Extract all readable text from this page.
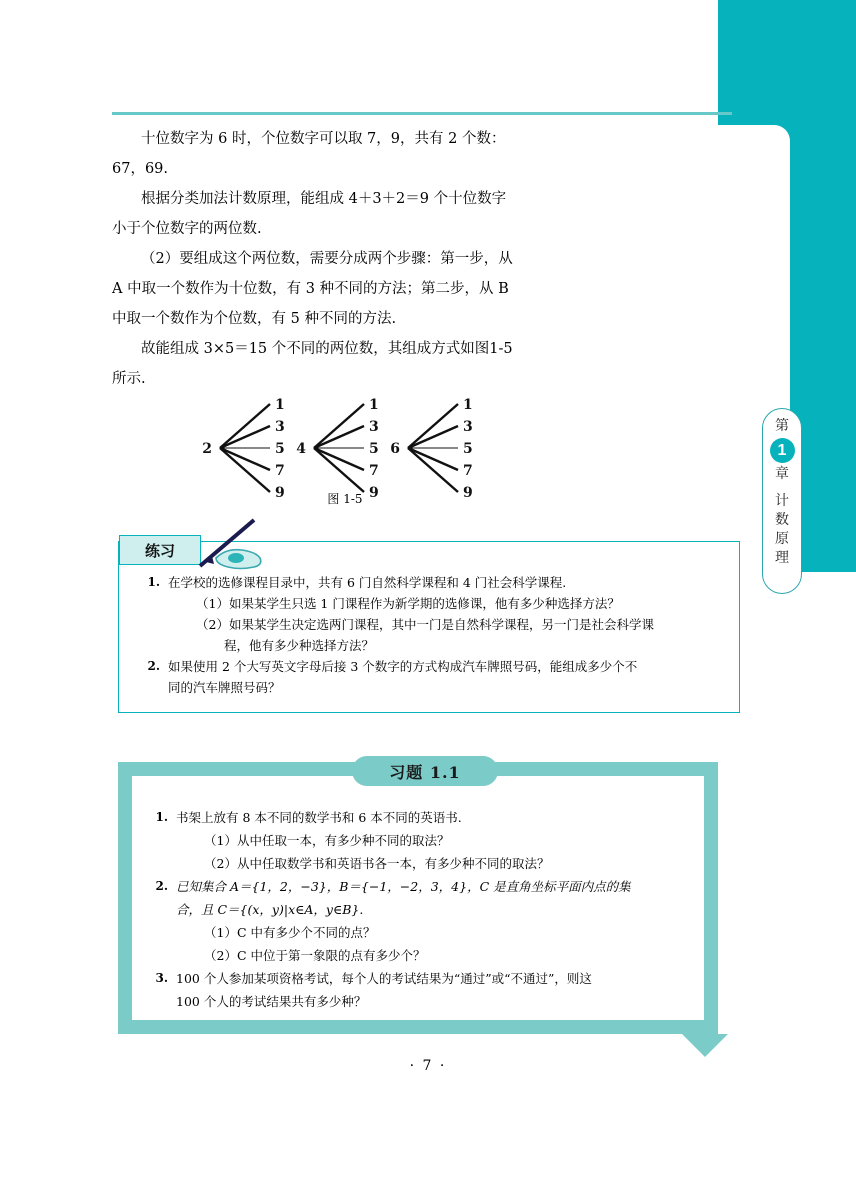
第
1
章
计
数
原
理

十位数字为 6 时，个位数字可以取 7，9，共有 2 个数：

67，69.

根据分类加法计数原理，能组成 4＋3＋2＝9 个十位数字

小于个位数字的两位数.

（2）要组成这个两位数，需要分成两个步骤：第一步，从

A 中取一个数作为十位数，有 3 种不同的方法；第二步，从 B

中取一个数作为个位数，有 5 种不同的方法.

故能组成 3×5＝15 个不同的两位数，其组成方式如图1-5

所示.

2
1
3
5
7
9
4
1
3
5
7
9
6
1
3
5
7
9
图 1-5
练习
1. 在学校的选修课程目录中，共有 6 门自然科学课程和 4 门社会科学课程.
（1）如果某学生只选 1 门课程作为新学期的选修课，他有多少种选择方法？
（2）如果某学生决定选两门课程，其中一门是自然科学课程，另一门是社会科学课
程，他有多少种选择方法？
2. 如果使用 2 个大写英文字母后接 3 个数字的方式构成汽车牌照号码，能组成多少个不
同的汽车牌照号码？
习题 1.1
1. 书架上放有 8 本不同的数学书和 6 本不同的英语书.
（1）从中任取一本，有多少种不同的取法？
（2）从中任取数学书和英语书各一本，有多少种不同的取法？
2. 已知集合 A＝{1，2，−3}，B＝{−1，−2，3，4}，C 是直角坐标平面内点的集
合，且 C＝{(x，y)|x∈A，y∈B}.
（1）C 中有多少个不同的点？
（2）C 中位于第一象限的点有多少个？
3. 100 个人参加某项资格考试，每个人的考试结果为“通过”或“不通过”，则这
100 个人的考试结果共有多少种？
· 7 ·
